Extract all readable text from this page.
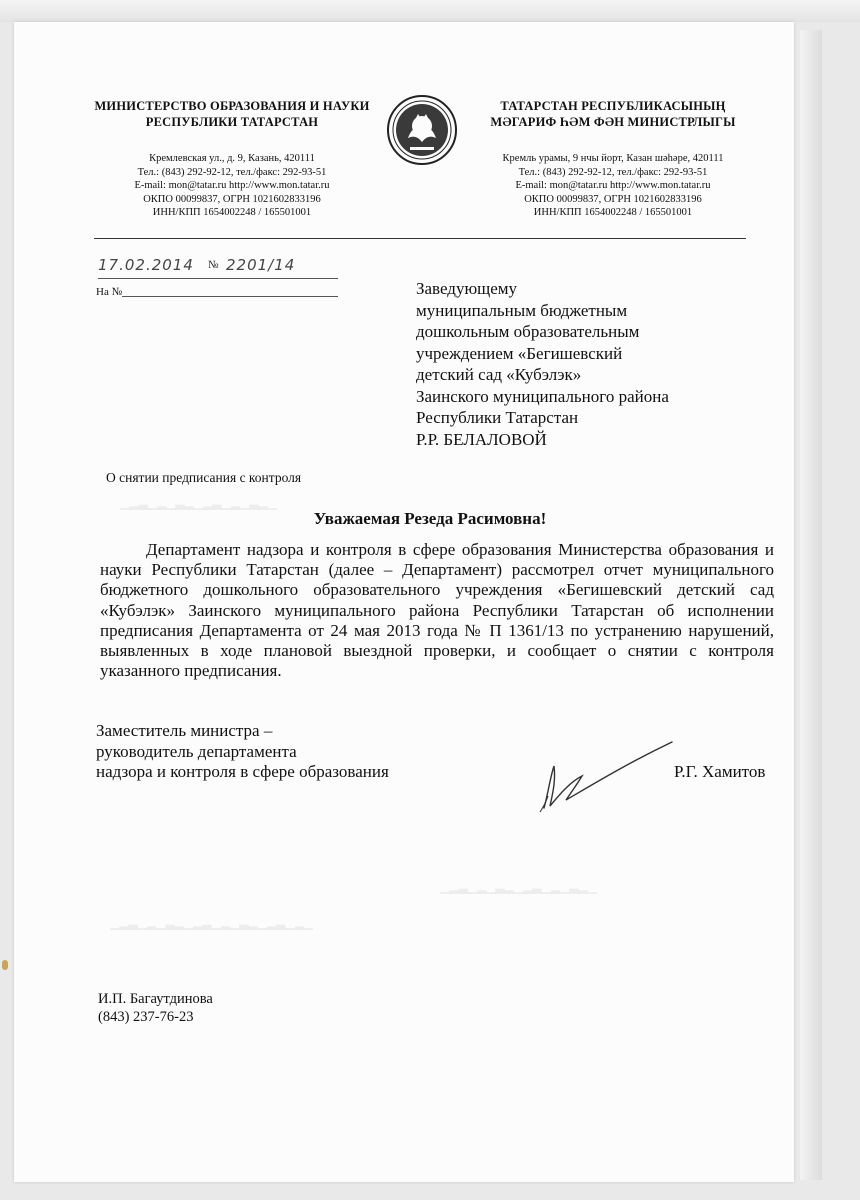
МИНИСТЕРСТВО ОБРАЗОВАНИЯ И НАУКИ
РЕСПУБЛИКИ ТАТАРСТАН
Кремлевская ул., д. 9, Казань, 420111
Тел.: (843) 292-92-12, тел./факс: 292-93-51
E-mail: mon@tatar.ru http://www.mon.tatar.ru
ОКПО 00099837, ОГРН 1021602833196
ИНН/КПП 1654002248 / 165501001
ТАТАРСТАН РЕСПУБЛИКАСЫНЫҢ
МӘГАРИФ ҺӘМ ФӘН МИНИСТРЛЫГЫ
Кремль урамы, 9 нчы йорт, Казан шәһәре, 420111
Тел.: (843) 292-92-12, тел./факс: 292-93-51
E-mail: mon@tatar.ru http://www.mon.tatar.ru
ОКПО 00099837, ОГРН 1021602833196
ИНН/КПП 1654002248 / 165501001
17.02.2014 № 2201/14
На №	Заведующему
муниципальным бюджетным
дошкольным образовательным
учреждением «Бегишевский
детский сад «Кубэлэк»
Заинского муниципального района
Республики Татарстан
Р.Р. БЕЛАЛОВОЙ
О снятии предписания с контроля
▁▂▃▁▂▁▃▂▁▂▃▁▂▁▃▂▁
Уважаемая Резеда Расимовна!
Департамент надзора и контроля в сфере образования Министерства образования и науки Республики Татарстан (далее – Департамент) рассмотрел отчет муниципального бюджетного дошкольного образовательного учреждения «Бегишевский детский сад «Кубэлэк» Заинского муниципального района Республики Татарстан об исполнении предписания Департамента от 24 мая 2013 года № П 1361/13 по устранению нарушений, выявленных в ходе плановой выездной проверки, и сообщает о снятии с контроля указанного предписания.
Заместитель министра –
руководитель департамента
надзора и контроля в сфере образования	Р.Г. Хамитов
▁▂▃▁▂▁▃▂▁▂▃▁▂▁▃▂▁▂▃▁▂▁
▁▂▃▁▂▁▃▂▁▂▃▁▂▁▃▂▁
И.П. Багаутдинова
(843) 237-76-23
